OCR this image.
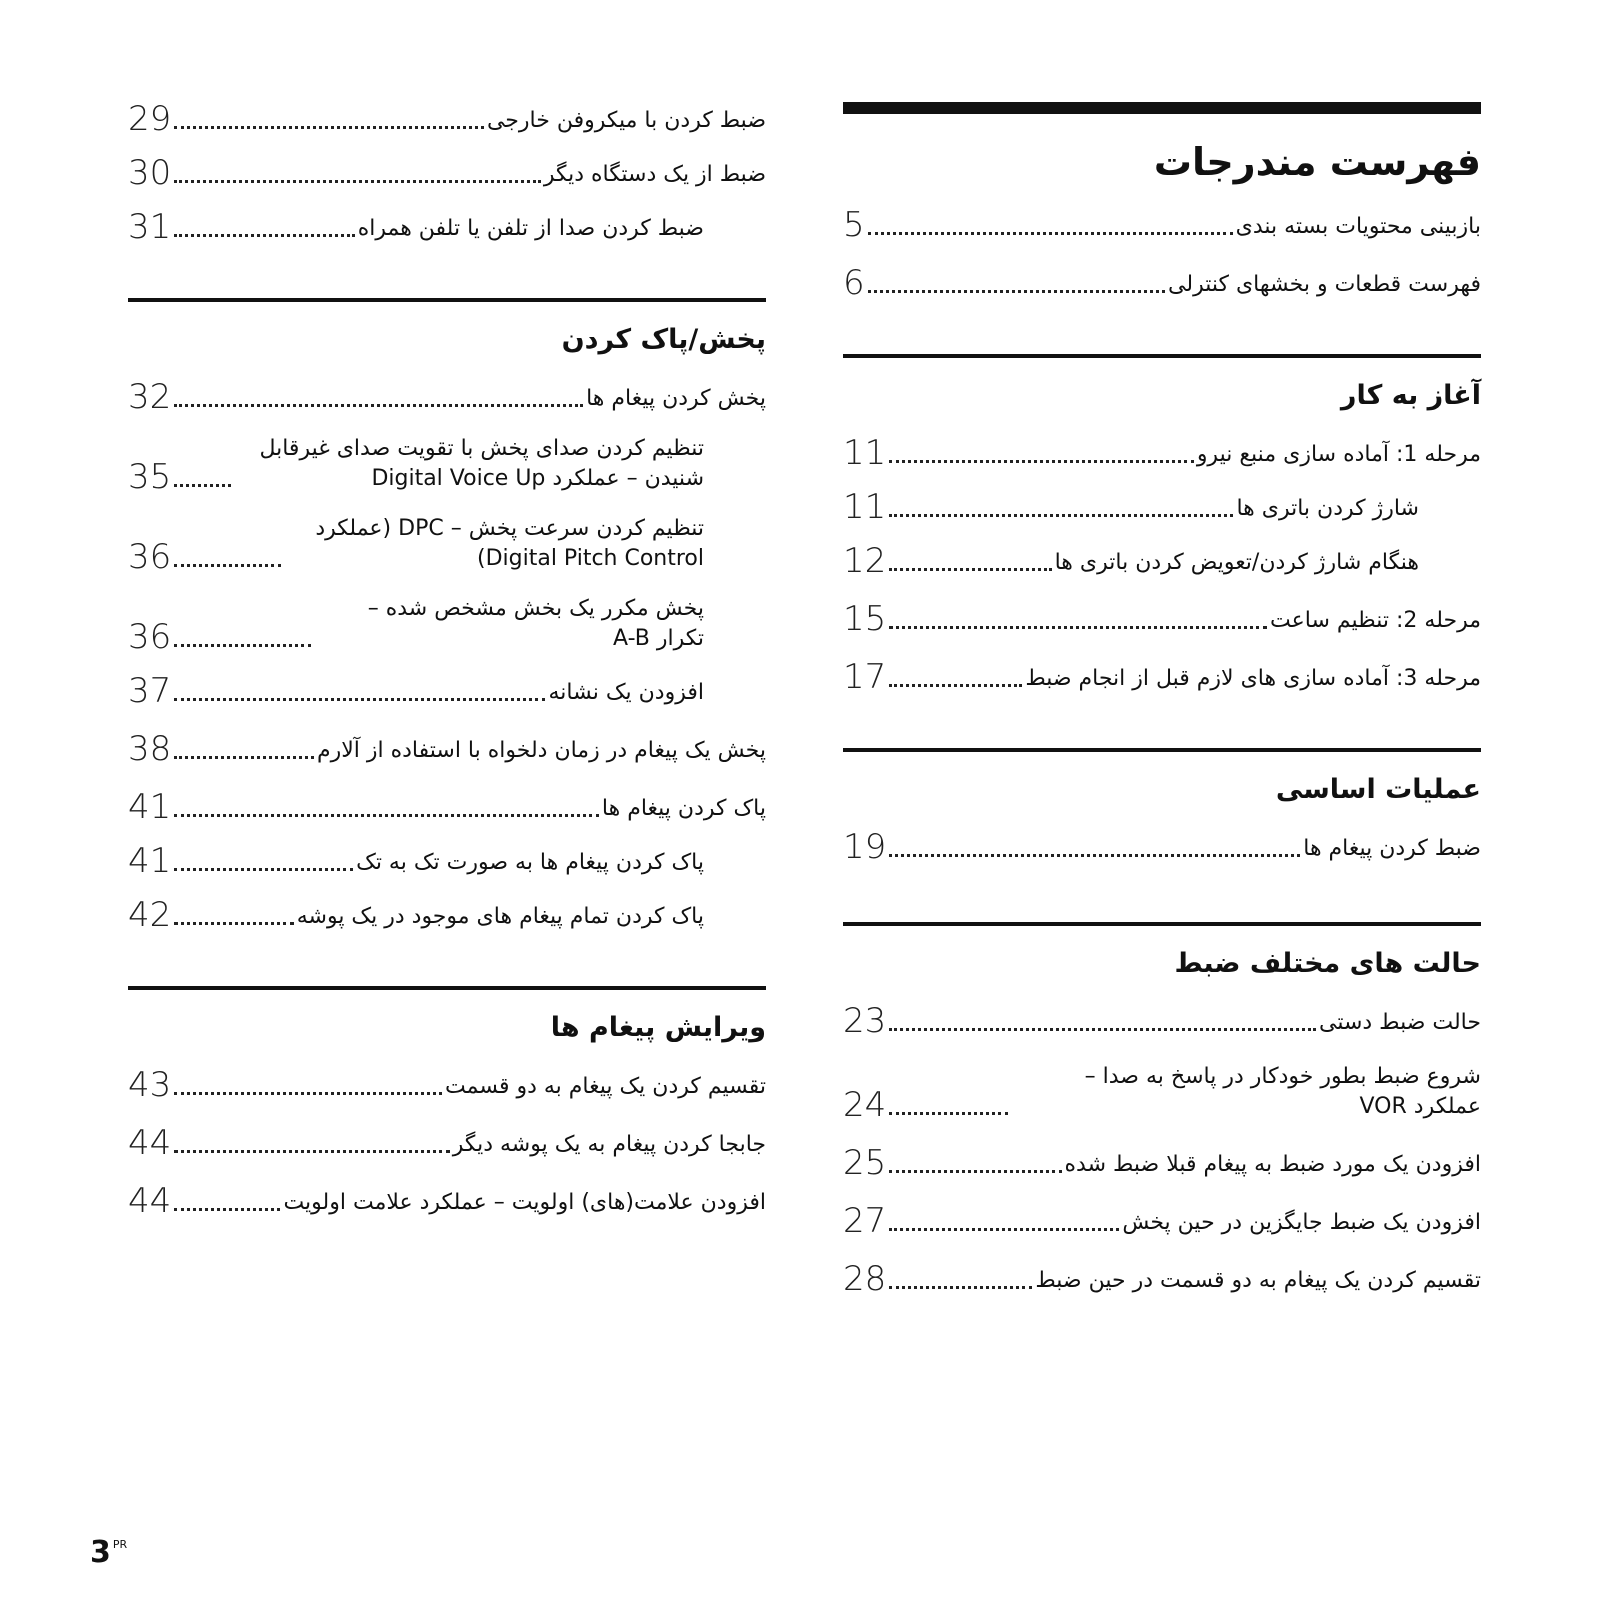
فهرست مندرجات
بازبینی محتویات بسته بندی
5
فهرست قطعات و بخشهای کنترلی
6
آغاز به کار
مرحله 1: آماده سازی منبع نیرو
11
شارژ کردن باتری ها
11
هنگام شارژ کردن/تعویض کردن باتری ها
12
مرحله 2: تنظیم ساعت
15
مرحله 3: آماده سازی های لازم قبل از انجام ضبط
17
عملیات اساسی
ضبط کردن پیغام ها
19
حالت های مختلف ضبط
حالت ضبط دستی
23
شروع ضبط بطور خودکار در پاسخ به صدا – عملکرد VOR
24
افزودن یک مورد ضبط به پیغام قبلا ضبط شده
25
افزودن یک ضبط جایگزین در حین پخش
27
تقسیم کردن یک پیغام به دو قسمت در حین ضبط
28
ضبط کردن با میکروفن خارجی
29
ضبط از یک دستگاه دیگر
30
ضبط کردن صدا از تلفن یا تلفن همراه
31
پخش/پاک کردن
پخش کردن پیغام ها
32
تنظیم کردن صدای پخش با تقویت صدای غیرقابل شنیدن – عملکرد Digital Voice Up
35
تنظیم کردن سرعت پخش – DPC (عملکرد Digital Pitch Control)
36
پخش مکرر یک بخش مشخص شده – تکرار A-B
36
افزودن یک نشانه
37
پخش یک پیغام در زمان دلخواه با استفاده از آلارم
38
پاک کردن پیغام ها
41
پاک کردن پیغام ها به صورت تک به تک
41
پاک کردن تمام پیغام های موجود در یک پوشه
42
ویرایش پیغام ها
تقسیم کردن یک پیغام به دو قسمت
43
جابجا کردن پیغام به یک پوشه دیگر
44
افزودن علامت(های) اولویت – عملکرد علامت اولویت
44
3 $^{PR}$
